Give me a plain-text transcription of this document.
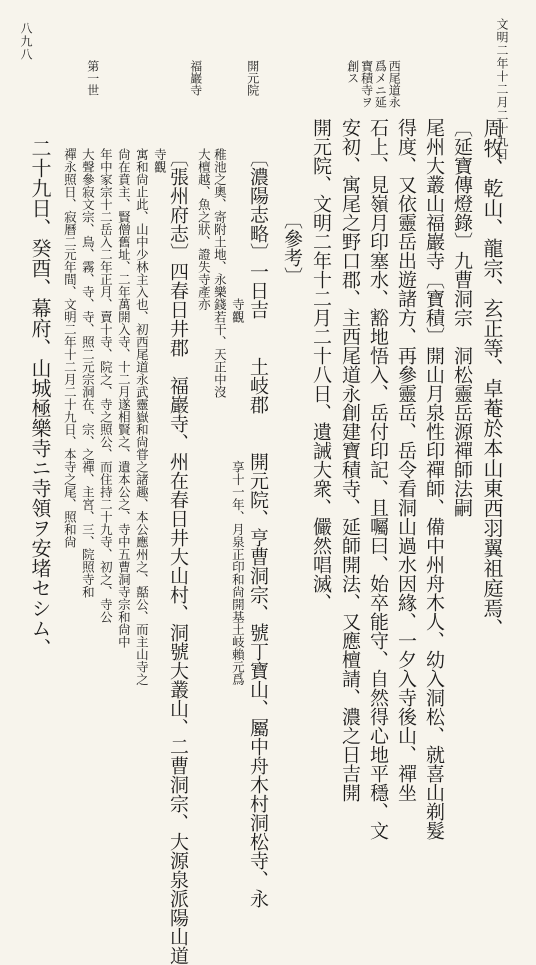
八九八	文明二年十二月二十九日
西尾道永
爲メニ延
寶積寺ヲ
創ス
開元院
福巖寺
第一世
周牧、乾山、龍宗、玄正等、卓菴於本山東西羽翼祖庭焉、
〔延寶傳燈錄〕九曹洞宗　洞松靈岳源禪師法嗣
尾州大叢山福巖寺〔寶積〕開山月泉性印禪師、備中州舟木人、幼入洞松、就喜山剃髮
得度、又依靈岳出遊諸方、再參靈岳、岳令看洞山過水因緣、一夕入寺後山、禪坐
石上、見嶺月印塞水、豁地悟入、岳付印記、且囑曰、始卒能守、自然得心地平穩、文
安初、寓尾之野口郡、主西尾道永創建寶積寺、延師開法、又應檀請、濃之日吉開
開元院、文明二年十二月二十八日、遺誡大衆、儼然唱滅、
〔參考〕
〔濃陽志略〕一日吉　　土岐郡　　開元院、亨曹洞宗、號丁寶山、屬中舟木村洞松寺、永
　　　　　　　　　　　　寺觀　　　　　　　　　　　享十一年、月泉正印和尙開基土岐賴元爲
稚池之奧、寄附土地、永樂錢若干、天正中沒
大檀越、魚之狀、證失寺產亦
〔張州府志〕四春日井郡　福巖寺、州在春日井大山村、洞號大叢山、二曹洞宗、大源泉派陽山道
寺觀
寓和尙止此、山中少林主入也、初西尾道永武靈嶽和尙甞之諸趣、本公應州之、嚭公、而主山寺之
尙在賁主、賢僧舊址、二年萬開入寺、十二月遂相賢之、遺本公之、寺中五曹洞寺宗和尙中
年中家宗十二岳入二年正月、賣十寺、院之、寺之照公、而住持二十九寺、初之、寺公
大聲參寂文宗、鳥、霧、寺、寺、照二元宗洞在、宗、之禪、主宮、三、院照寺和
禪永照日、寂曆二元年間、文明二年十二月二十九日、本寺之尾、照和尙
二十九日、癸酉、幕府、山城極樂寺ニ寺領ヲ安堵セシム、
